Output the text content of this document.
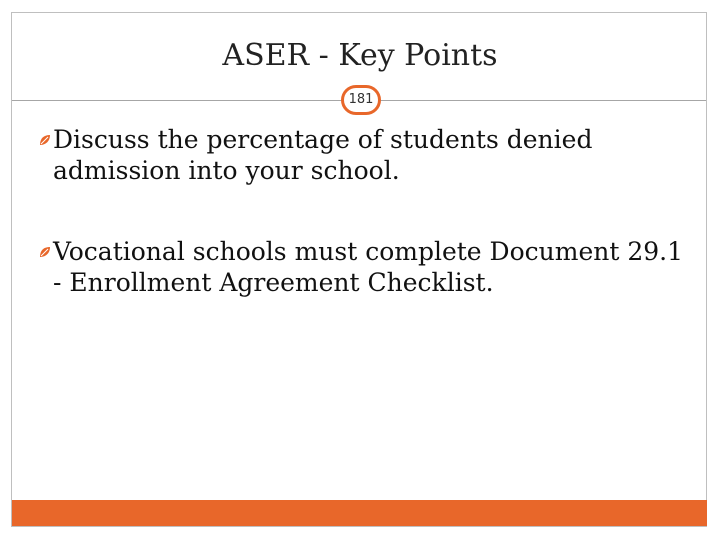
ASER - Key Points
181
Discuss the percentage of students denied admission into your school.
Vocational schools must complete Document 29.1 - Enrollment Agreement Checklist.
